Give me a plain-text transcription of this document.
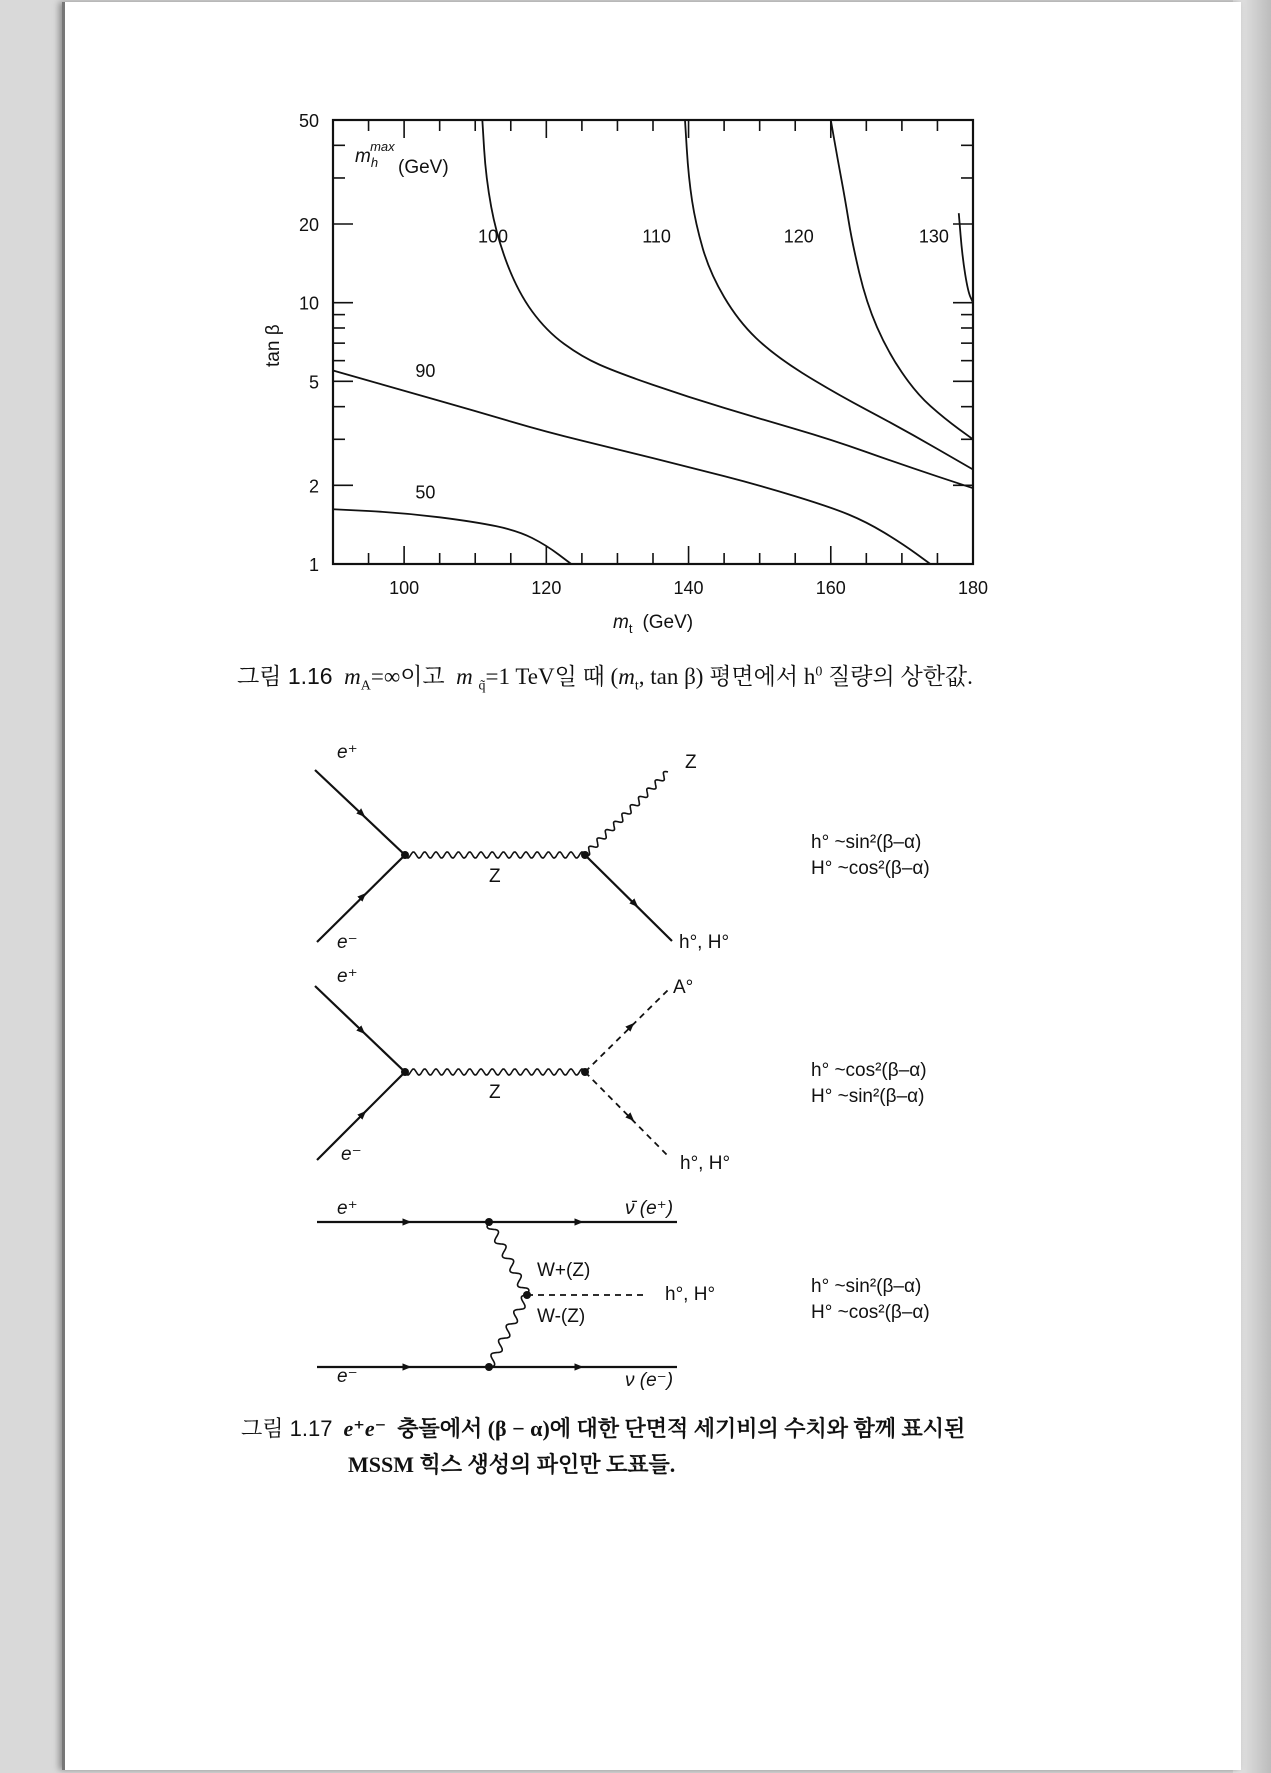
100	120	140	160	180
1
2
5
10
20
50
100	110	120	130
90
50
$m_h\max$
(GeV)
tan β
$m_t$ (GeV)
그림 1.16 $m_A=\infty$이고 m $_{q̃}$=1 TeV일 때 ($m_t$, tan β) 평면에서 $h^0$ 질량의 상한값.
e⁺
e⁻
Z
Z
h°, H°
h° ~sin²(β–α)
H° ~cos²(β–α)
e⁺
e⁻
Z
A°
h°, H°
h° ~cos²(β–α)
H° ~sin²(β–α)
e⁺
e⁻
ν̄ (e⁺)
ν (e⁻)
W+(Z)
W-(Z)
h°, H°	h° ~sin²(β–α)
H° ~cos²(β–α)
그림 1.17 e⁺e⁻ 충돌에서 (β − α)에 대한 단면적 세기비의 수치와 함께 표시된
MSSM 힉스 생성의 파인만 도표들.
